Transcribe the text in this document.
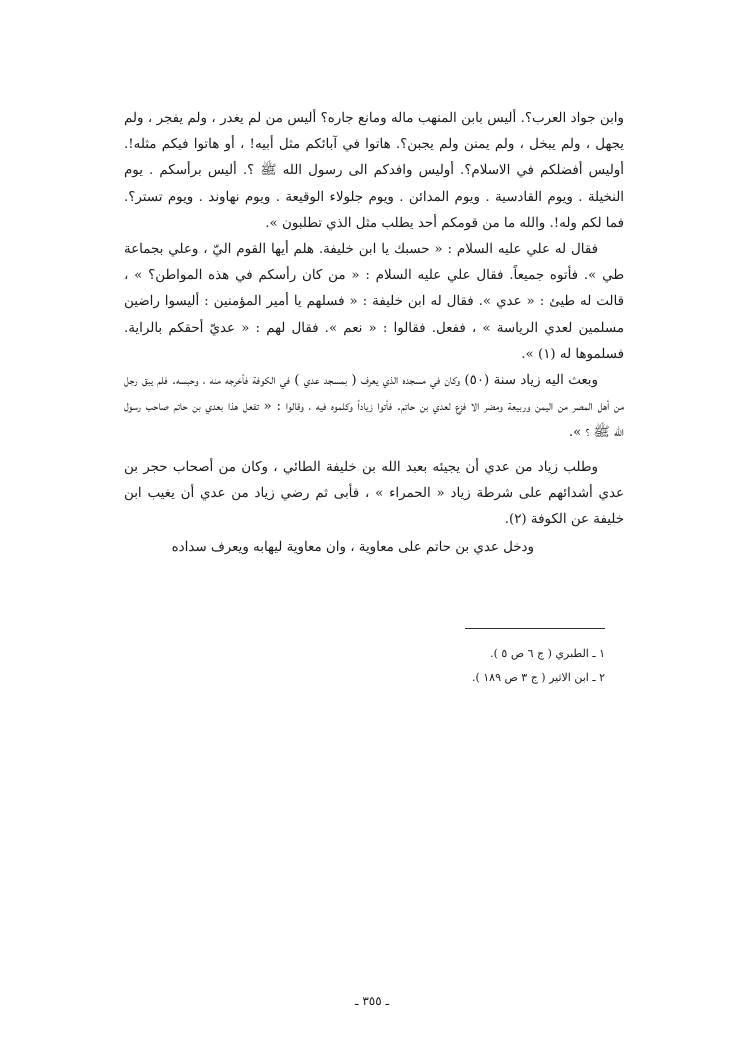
وابن جواد العرب؟. أليس بابن المنهب ماله ومانع جاره؟ أليس من لم يغدر ، ولم يفجر ، ولم يجهل ، ولم يبخل ، ولم يمنن ولم يجبن؟. هاتوا في آبائكم مثل أبيه! ، أو هاتوا فيكم مثله!. أوليس أفضلكم في الاسلام؟. أوليس وافدكم الى رسول الله ﷺ ؟. أليس برأسكم . يوم النخيلة . ويوم القادسية . ويوم المدائن . ويوم جلولاء الوقيعة . ويوم نهاوند . ويوم تستر؟. فما لكم وله!. والله ما من قومكم أحد يطلب مثل الذي تطلبون ».

فقال له علي عليه السلام : « حسبك يا ابن خليفة. هلم أيها القوم اليّ ، وعلي بجماعة طي ». فأتوه جميعاً. فقال علي عليه السلام : « من كان رأسكم في هذه المواطن؟ » ، قالت له طيئ : « عدي ». فقال له ابن خليفة : « فسلهم يا أمير المؤمنين : أليسوا راضين مسلمين لعدي الرياسة » ، ففعل. فقالوا : « نعم ». فقال لهم : « عديّ أحقكم بالراية. فسلموها له (١) ».

وبعث اليه زياد سنة (٥٠) وكان في مسجده الذي يعرف ( بمسجد عدي ) في الكوفة فأخرجه منه ، وحبسه. فلم يبق رجل من أهل المصر من اليمن وربيعة ومضر الا فزع لعدي بن حاتم. فأتوا زياداً وكلموه فيه ، وقالوا : « تفعل هذا بعدي بن حاتم صاحب رسول الله ﷺ ؟ ».

وطلب زياد من عدي أن يجيئه بعبد الله بن خليفة الطائي ، وكان من أصحاب حجر بن عدي أشدائهم على شرطة زياد « الحمراء » ، فأبى ثم رضي زياد من عدي أن يغيب ابن خليفة عن الكوفة (٢).

ودخل عدي بن حاتم على معاوية ، وان معاوية ليهابه ويعرف سداده

١ ـ الطبري ( ج ٦ ص ٥ ).
٢ ـ ابن الاثير ( ج ٣ ص ١٨٩ ).
ـ ٣٥٥ ـ
